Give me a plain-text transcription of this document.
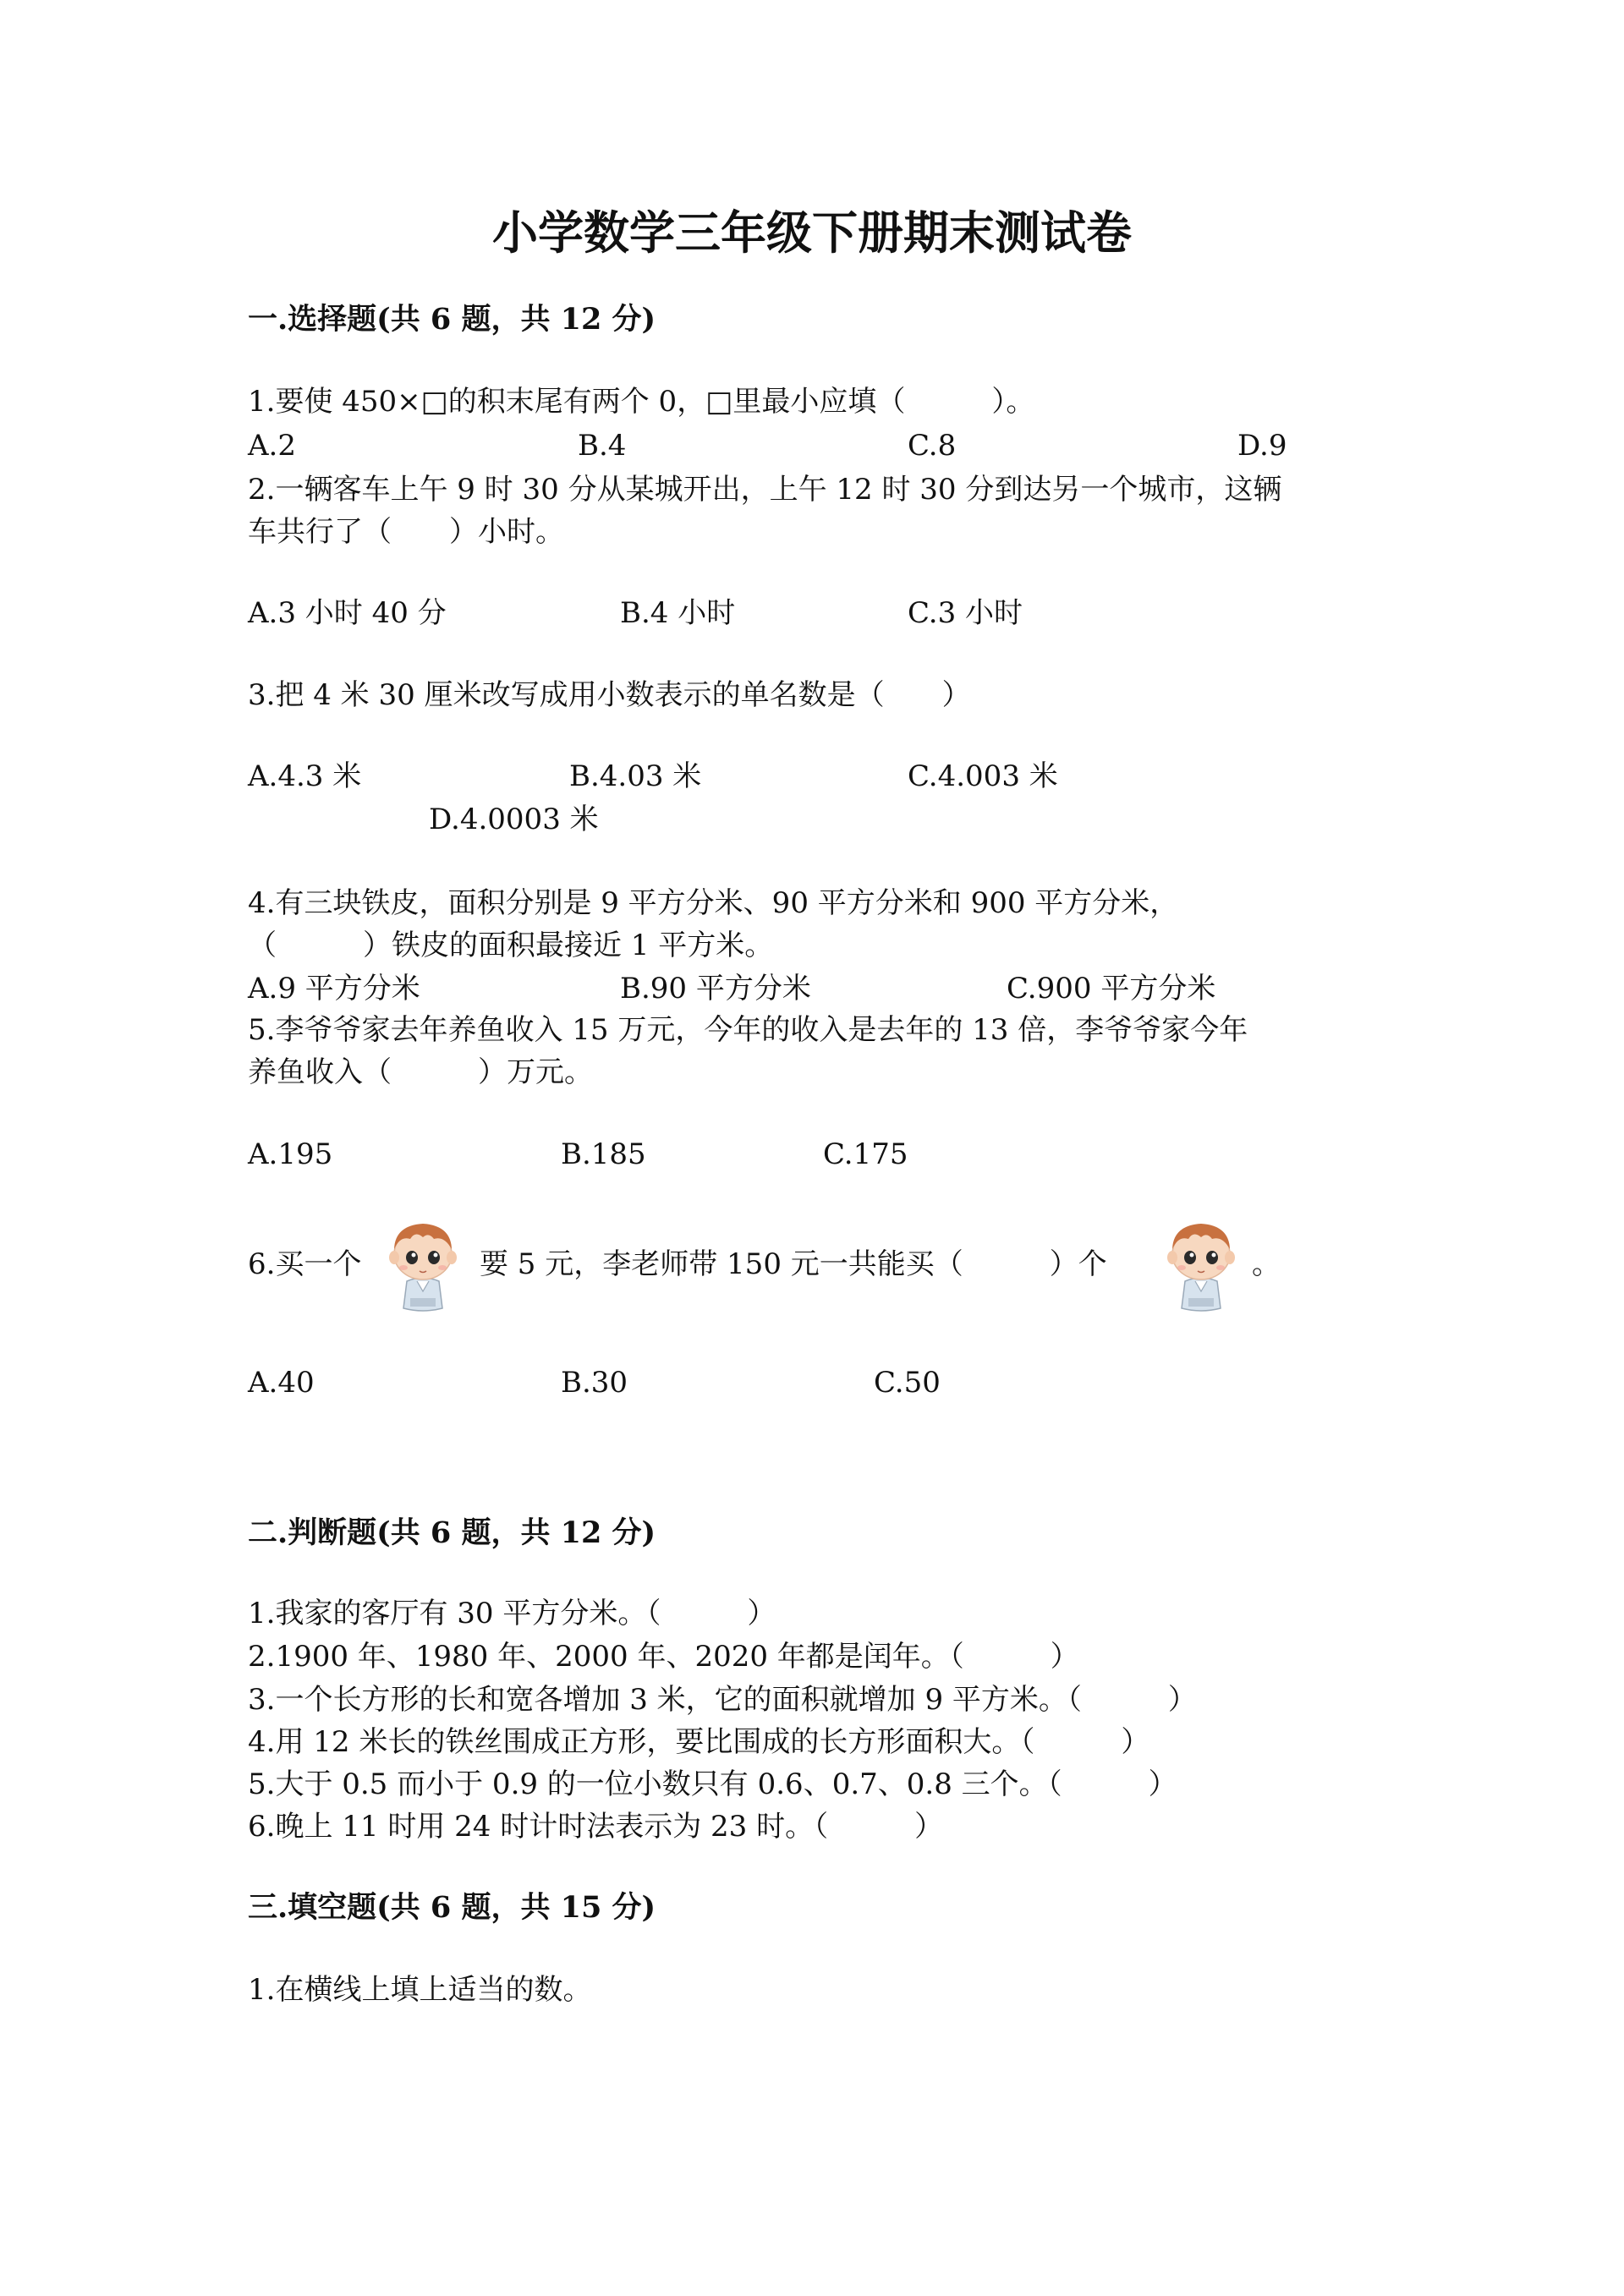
小学数学三年级下册期末测试卷
一.选择题(共 6 题，共 12 分)
1.要使 450×□的积末尾有两个 0，□里最小应填（　　　）。
A.2	B.4	C.8	D.9
2.一辆客车上午 9 时 30 分从某城开出，上午 12 时 30 分到达另一个城市，这辆
车共行了（　　）小时。
A.3 小时 40 分	B.4 小时	C.3 小时
3.把 4 米 30 厘米改写成用小数表示的单名数是（　　）
A.4.3 米	B.4.03 米	C.4.003 米
D.4.0003 米
4.有三块铁皮，面积分别是 9 平方分米、90 平方分米和 900 平方分米，
（　　　）铁皮的面积最接近 1 平方米。
A.9 平方分米	B.90 平方分米	C.900 平方分米
5.李爷爷家去年养鱼收入 15 万元，今年的收入是去年的 13 倍，李爷爷家今年
养鱼收入（　　　）万元。
A.195	B.185	C.175
6.买一个	要 5 元，李老师带 150 元一共能买（　　　）个	。
A.40	B.30	C.50
二.判断题(共 6 题，共 12 分)
1.我家的客厅有 30 平方分米。（　　　）
2.1900 年、1980 年、2000 年、2020 年都是闰年。（　　　）
3.一个长方形的长和宽各增加 3 米，它的面积就增加 9 平方米。（　　　）
4.用 12 米长的铁丝围成正方形，要比围成的长方形面积大。（　　　）
5.大于 0.5 而小于 0.9 的一位小数只有 0.6、0.7、0.8 三个。（　　　）
6.晚上 11 时用 24 时计时法表示为 23 时。（　　　）
三.填空题(共 6 题，共 15 分)
1.在横线上填上适当的数。
